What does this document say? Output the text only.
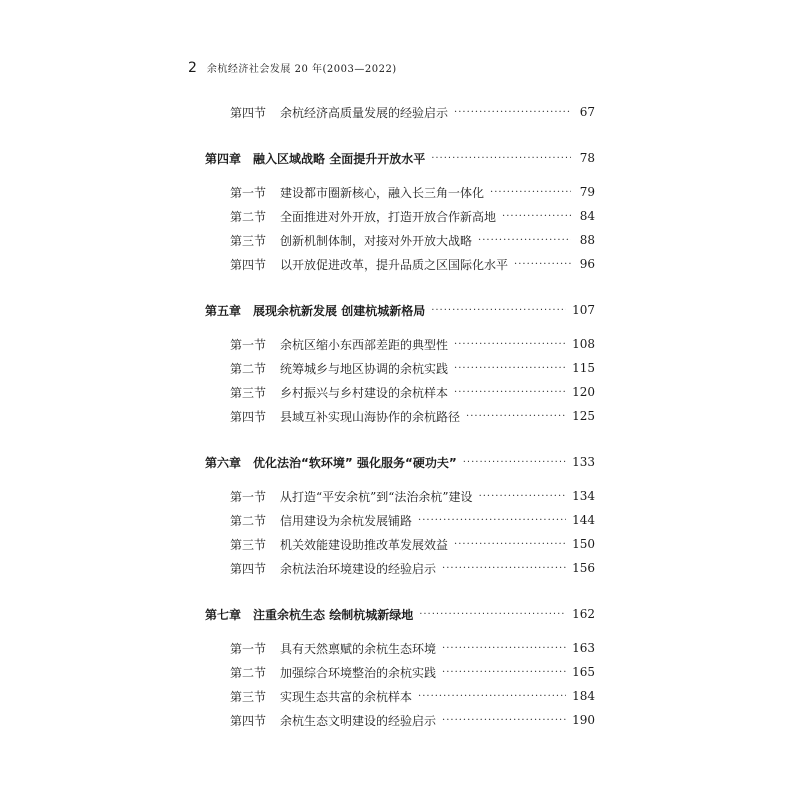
2 余杭经济社会发展 20 年(2003—2022)
第四节 余杭经济高质量发展的经验启示 ·····	67
第四章 融入区域战略 全面提升开放水平 ·····	78
第一节 建设都市圈新核心，融入长三角一体化 ·····	79
第二节 全面推进对外开放，打造开放合作新高地 ·····	84
第三节 创新机制体制，对接对外开放大战略 ·····	88
第四节 以开放促进改革，提升品质之区国际化水平 ·····	96
第五章 展现余杭新发展 创建杭城新格局 ·····	107
第一节 余杭区缩小东西部差距的典型性 ·····	108
第二节 统筹城乡与地区协调的余杭实践 ·····	115
第三节 乡村振兴与乡村建设的余杭样本 ·····	120
第四节 县域互补实现山海协作的余杭路径 ·····	125
第六章 优化法治“软环境” 强化服务“硬功夫” ·····	133
第一节 从打造“平安余杭”到“法治余杭”建设 ·····	134
第二节 信用建设为余杭发展铺路 ·····	144
第三节 机关效能建设助推改革发展效益 ·····	150
第四节 余杭法治环境建设的经验启示 ·····	156
第七章 注重余杭生态 绘制杭城新绿地 ·····	162
第一节 具有天然禀赋的余杭生态环境 ·····	163
第二节 加强综合环境整治的余杭实践 ·····	165
第三节 实现生态共富的余杭样本 ·····	184
第四节 余杭生态文明建设的经验启示 ·····	190
